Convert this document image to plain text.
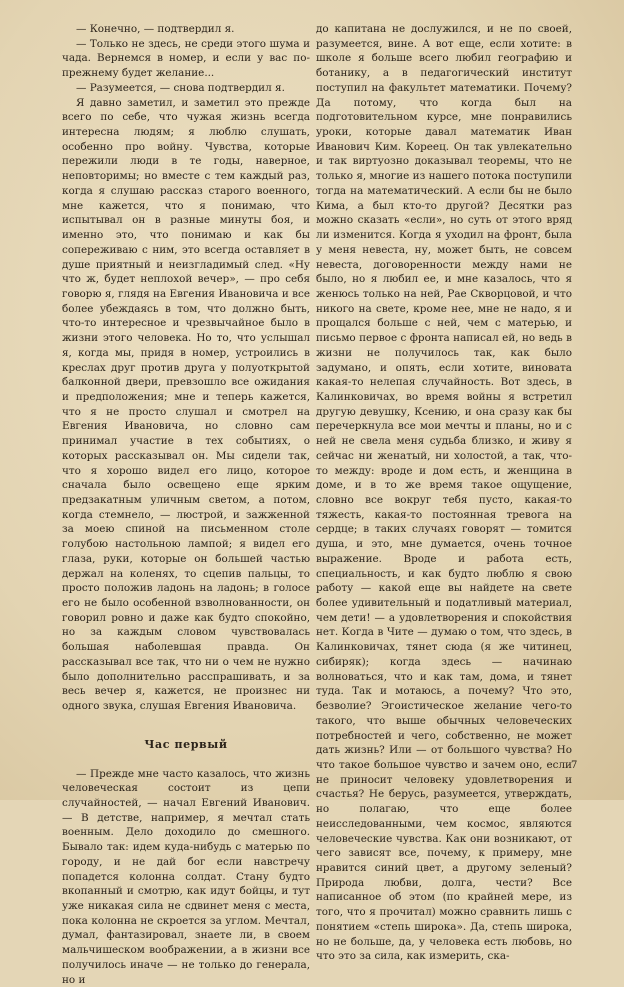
— Конечно, — подтвердил я.

— Только не здесь, не среди этого шума и чада. Вернемся в номер, и если у вас по-прежнему будет желание...

— Разумеется, — снова подтвердил я.

Я давно заметил, и заметил это прежде всего по себе, что чужая жизнь всегда интересна людям; я люблю слушать, особенно про войну. Чувства, которые пережили люди в те годы, наверное, неповторимы; но вместе с тем каждый раз, когда я слушаю рассказ старого военного, мне кажется, что я понимаю, что испытывал он в разные минуты боя, и именно это, что понимаю и как бы сопереживаю с ним, это всегда оставляет в душе приятный и неизгладимый след. «Ну что ж, будет неплохой вечер», — про себя говорю я, глядя на Евгения Ивановича и все более убеждаясь в том, что должно быть, что-то интересное и чрезвычайное было в жизни этого человека. Но то, что услышал я, когда мы, придя в номер, устроились в креслах друг против друга у полуоткрытой балконной двери, превзошло все ожидания и предположения; мне и теперь кажется, что я не просто слушал и смотрел на Евгения Ивановича, но словно сам принимал участие в тех событиях, о которых рассказывал он. Мы сидели так, что я хорошо видел его лицо, которое сначала было освещено еще ярким предзакатным уличным светом, а потом, когда стемнело, — люстрой, и зажженной за моею спиной на письменном столе голубою настольною лампой; я видел его глаза, руки, которые он большей частью держал на коленях, то сцепив пальцы, то просто положив ладонь на ладонь; в голосе его не было особенной взволнованности, он говорил ровно и даже как будто спокойно, но за каждым словом чувствовалась большая наболевшая правда. Он рассказывал все так, что ни о чем не нужно было дополнительно расспрашивать, и за весь вечер я, кажется, не произнес ни одного звука, слушая Евгения Ивановича.

Час первый

— Прежде мне часто казалось, что жизнь человеческая состоит из цепи случайностей, — начал Евгений Иванович. — В детстве, например, я мечтал стать военным. Дело доходило до смешного. Бывало так: идем куда-нибудь с матерью по городу, и не дай бог если навстречу попадется колонна солдат. Стану будто вкопанный и смотрю, как идут бойцы, и тут уже никакая сила не сдвинет меня с места, пока колонна не скроется за углом. Мечтал, думал, фантазировал, знаете ли, в своем мальчишеском воображении, а в жизни все получилось иначе — не только до генерала, но и

до капитана не дослужился, и не по своей, разумеется, вине. А вот еще, если хотите: в школе я больше всего любил географию и ботанику, а в педагогический институт поступил на факультет математики. Почему? Да потому, что когда был на подготовительном курсе, мне понравились уроки, которые давал математик Иван Иванович Ким. Кореец. Он так увлекательно и так виртуозно доказывал теоремы, что не только я, многие из нашего потока поступили тогда на математический. А если бы не было Кима, а был кто-то другой? Десятки раз можно сказать «если», но суть от этого вряд ли изменится. Когда я уходил на фронт, была у меня невеста, ну, может быть, не совсем невеста, договоренности между нами не было, но я любил ее, и мне казалось, что я женюсь только на ней, Рае Скворцовой, и что никого на свете, кроме нее, мне не надо, я и прощался больше с ней, чем с матерью, и письмо первое с фронта написал ей, но ведь в жизни не получилось так, как было задумано, и опять, если хотите, виновата какая-то нелепая случайность. Вот здесь, в Калинковичах, во время войны я встретил другую девушку, Ксению, и она сразу как бы перечеркнула все мои мечты и планы, но и с ней не свела меня судьба близко, и живу я сейчас ни женатый, ни холостой, а так, что-то между: вроде и дом есть, и женщина в доме, и в то же время такое ощущение, словно все вокруг тебя пусто, какая-то тяжесть, какая-то постоянная тревога на сердце; в таких случаях говорят — томится душа, и это, мне думается, очень точное выражение. Вроде и работа есть, специальность, и как будто люблю я свою работу — какой еще вы найдете на свете более удивительный и податливый материал, чем дети! — а удовлетворения и спокойствия нет. Когда в Чите — думаю о том, что здесь, в Калинковичах, тянет сюда (я же читинец, сибиряк); когда здесь — начинаю волноваться, что и как там, дома, и тянет туда. Так и мотаюсь, а почему? Что это, безволие? Эгоистическое желание чего-то такого, что выше обычных человеческих потребностей и чего, собственно, не может дать жизнь? Или — от большого чувства? Но что такое большое чувство и зачем оно, если не приносит человеку удовлетворения и счастья? Не берусь, разумеется, утверждать, но полагаю, что еще более неисследованными, чем космос, являются человеческие чувства. Как они возникают, от чего зависят все, почему, к примеру, мне нравится синий цвет, а другому зеленый? Природа любви, долга, чести? Все написанное об этом (по крайней мере, из того, что я прочитал) можно сравнить лишь с понятием «степь широка». Да, степь широка, но не больше, да, у человека есть любовь, но что это за сила, как измерить, ска-

7
